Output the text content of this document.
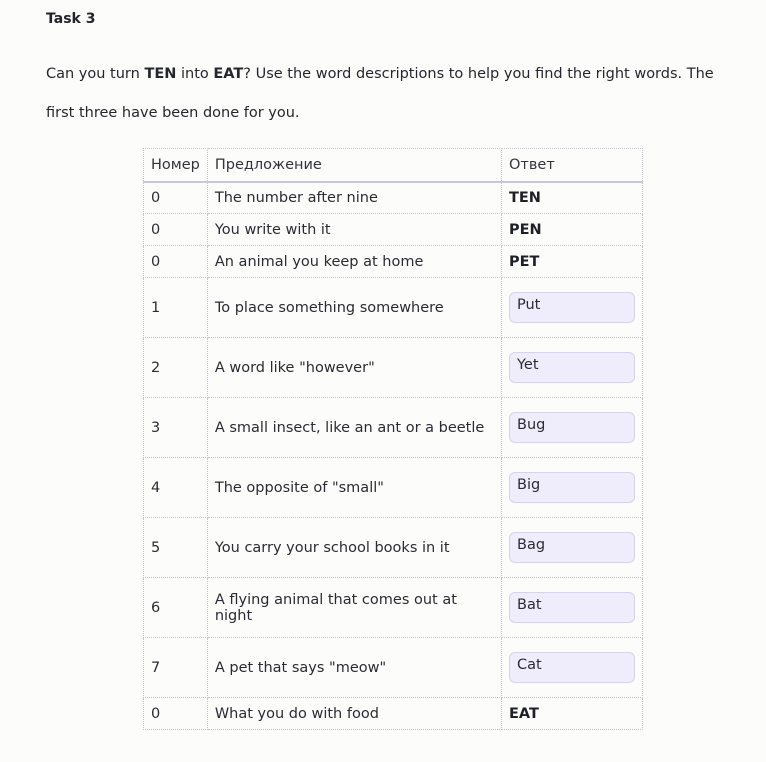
Task 3

Can you turn TEN into EAT? Use the word descriptions to help you find the right words. The first three have been done for you.

Номер	Предложение	Ответ
0	The number after nine	TEN
0	You write with it	PEN
0	An animal you keep at home	PET
1	To place something somewhere	Put
2	A word like "however"	Yet
3	A small insect, like an ant or a beetle	Bug
4	The opposite of "small"	Big
5	You carry your school books in it	Bag
6	A flying animal that comes out at night	Bat
7	A pet that says "meow"	Cat
0	What you do with food	EAT
